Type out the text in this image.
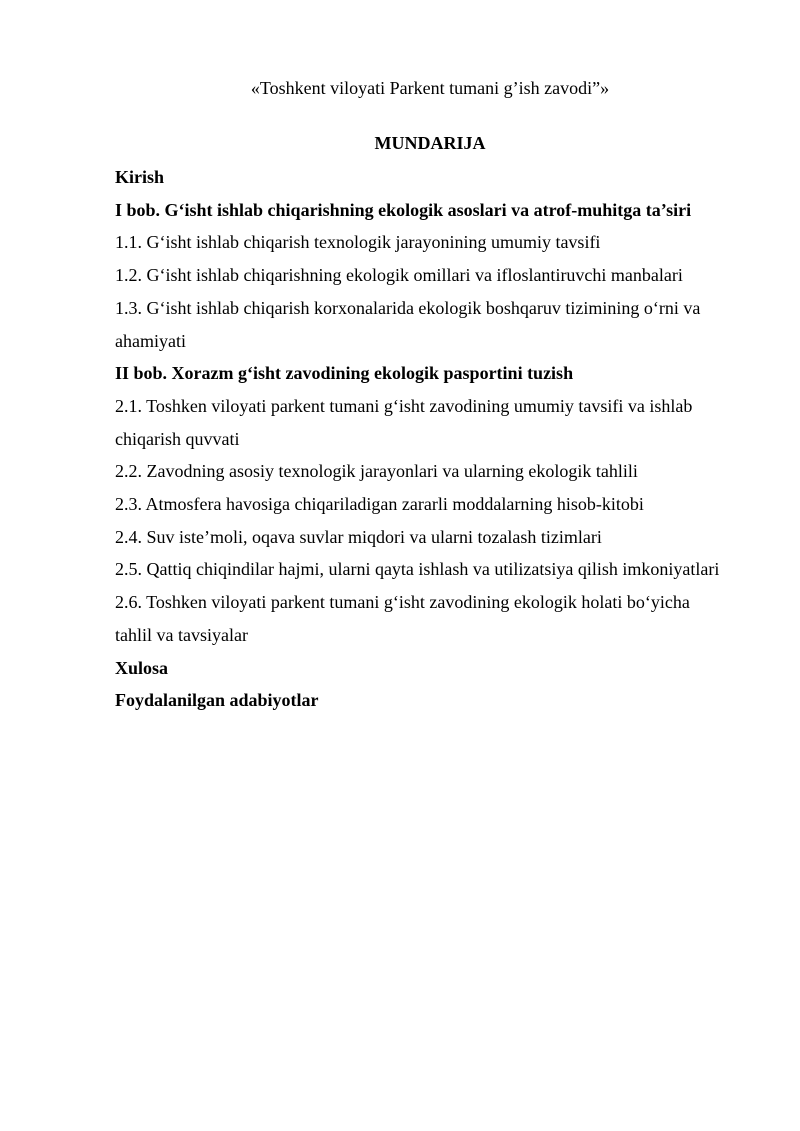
«Toshkent viloyati Parkent tumani g’ish zavodi”»
MUNDARIJA
Kirish
I bob. G‘isht ishlab chiqarishning ekologik asoslari va atrof-muhitga ta’siri
1.1. G‘isht ishlab chiqarish texnologik jarayonining umumiy tavsifi
1.2. G‘isht ishlab chiqarishning ekologik omillari va ifloslantiruvchi manbalari
1.3. G‘isht ishlab chiqarish korxonalarida ekologik boshqaruv tizimining o‘rni va ahamiyati
II bob. Xorazm g‘isht zavodining ekologik pasportini tuzish
2.1. Toshken viloyati parkent tumani g‘isht zavodining umumiy tavsifi va ishlab chiqarish quvvati
2.2. Zavodning asosiy texnologik jarayonlari va ularning ekologik tahlili
2.3. Atmosfera havosiga chiqariladigan zararli moddalarning hisob-kitobi
2.4. Suv iste’moli, oqava suvlar miqdori va ularni tozalash tizimlari
2.5. Qattiq chiqindilar hajmi, ularni qayta ishlash va utilizatsiya qilish imkoniyatlari
2.6. Toshken viloyati parkent tumani g‘isht zavodining ekologik holati bo‘yicha tahlil va tavsiyalar
Xulosa
Foydalanilgan adabiyotlar
